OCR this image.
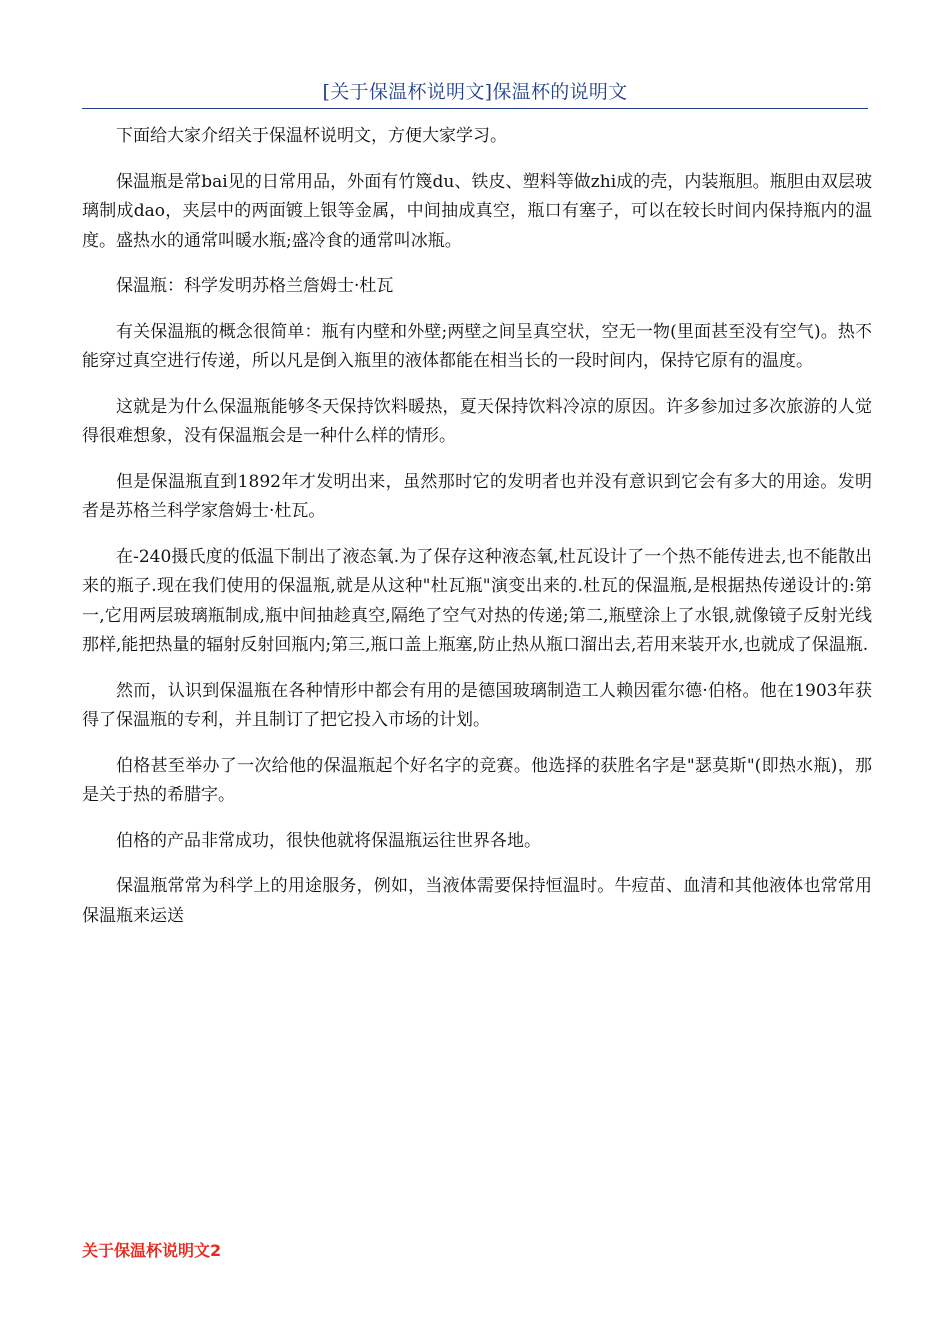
[关于保温杯说明文]保温杯的说明文

下面给大家介绍关于保温杯说明文，方便大家学习。

保温瓶是常bai见的日常用品，外面有竹篾du、铁皮、塑料等做zhi成的壳，内装瓶胆。瓶胆由双层玻璃制成dao，夹层中的两面镀上银等金属，中间抽成真空，瓶口有塞子，可以在较长时间内保持瓶内的温度。盛热水的通常叫暖水瓶;盛冷食的通常叫冰瓶。

保温瓶：科学发明苏格兰詹姆士·杜瓦

有关保温瓶的概念很简单：瓶有内壁和外壁;两壁之间呈真空状，空无一物(里面甚至没有空气)。热不能穿过真空进行传递，所以凡是倒入瓶里的液体都能在相当长的一段时间内，保持它原有的温度。

这就是为什么保温瓶能够冬天保持饮料暖热，夏天保持饮料冷凉的原因。许多参加过多次旅游的人觉得很难想象，没有保温瓶会是一种什么样的情形。

但是保温瓶直到1892年才发明出来，虽然那时它的发明者也并没有意识到它会有多大的用途。发明者是苏格兰科学家詹姆士·杜瓦。

在-240摄氏度的低温下制出了液态氧.为了保存这种液态氧,杜瓦设计了一个热不能传进去,也不能散出来的瓶子.现在我们使用的保温瓶,就是从这种"杜瓦瓶"演变出来的.杜瓦的保温瓶,是根据热传递设计的:第一,它用两层玻璃瓶制成,瓶中间抽趁真空,隔绝了空气对热的传递;第二,瓶壁涂上了水银,就像镜子反射光线那样,能把热量的辐射反射回瓶内;第三,瓶口盖上瓶塞,防止热从瓶口溜出去,若用来装开水,也就成了保温瓶.

然而，认识到保温瓶在各种情形中都会有用的是德国玻璃制造工人赖因霍尔德·伯格。他在1903年获得了保温瓶的专利，并且制订了把它投入市场的计划。

伯格甚至举办了一次给他的保温瓶起个好名字的竞赛。他选择的获胜名字是"瑟莫斯"(即热水瓶)，那是关于热的希腊字。

伯格的产品非常成功，很快他就将保温瓶运往世界各地。

保温瓶常常为科学上的用途服务，例如，当液体需要保持恒温时。牛痘苗、血清和其他液体也常常用保温瓶来运送

关于保温杯说明文2
